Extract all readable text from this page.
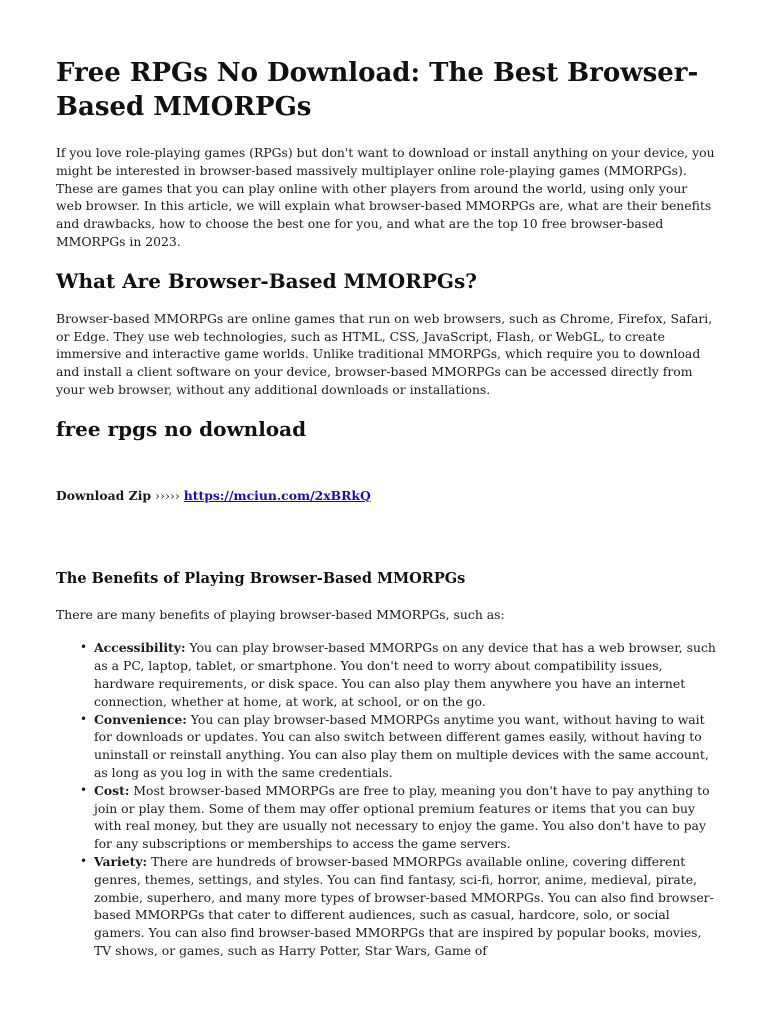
Free RPGs No Download: The Best Browser-Based MMORPGs

If you love role-playing games (RPGs) but don't want to download or install anything on your device, you might be interested in browser-based massively multiplayer online role-playing games (MMORPGs). These are games that you can play online with other players from around the world, using only your web browser. In this article, we will explain what browser-based MMORPGs are, what are their benefits and drawbacks, how to choose the best one for you, and what are the top 10 free browser-based MMORPGs in 2023.

What Are Browser-Based MMORPGs?

Browser-based MMORPGs are online games that run on web browsers, such as Chrome, Firefox, Safari, or Edge. They use web technologies, such as HTML, CSS, JavaScript, Flash, or WebGL, to create immersive and interactive game worlds. Unlike traditional MMORPGs, which require you to download and install a client software on your device, browser-based MMORPGs can be accessed directly from your web browser, without any additional downloads or installations.

free rpgs no download
Download Zip ››››› https://mciun.com/2xBRkQ
The Benefits of Playing Browser-Based MMORPGs

There are many benefits of playing browser-based MMORPGs, such as:

• Accessibility: You can play browser-based MMORPGs on any device that has a web browser, such as a PC, laptop, tablet, or smartphone. You don't need to worry about compatibility issues, hardware requirements, or disk space. You can also play them anywhere you have an internet connection, whether at home, at work, at school, or on the go.
• Convenience: You can play browser-based MMORPGs anytime you want, without having to wait for downloads or updates. You can also switch between different games easily, without having to uninstall or reinstall anything. You can also play them on multiple devices with the same account, as long as you log in with the same credentials.
• Cost: Most browser-based MMORPGs are free to play, meaning you don't have to pay anything to join or play them. Some of them may offer optional premium features or items that you can buy with real money, but they are usually not necessary to enjoy the game. You also don't have to pay for any subscriptions or memberships to access the game servers.
• Variety: There are hundreds of browser-based MMORPGs available online, covering different genres, themes, settings, and styles. You can find fantasy, sci-fi, horror, anime, medieval, pirate, zombie, superhero, and many more types of browser-based MMORPGs. You can also find browser-based MMORPGs that cater to different audiences, such as casual, hardcore, solo, or social gamers. You can also find browser-based MMORPGs that are inspired by popular books, movies, TV shows, or games, such as Harry Potter, Star Wars, Game of
